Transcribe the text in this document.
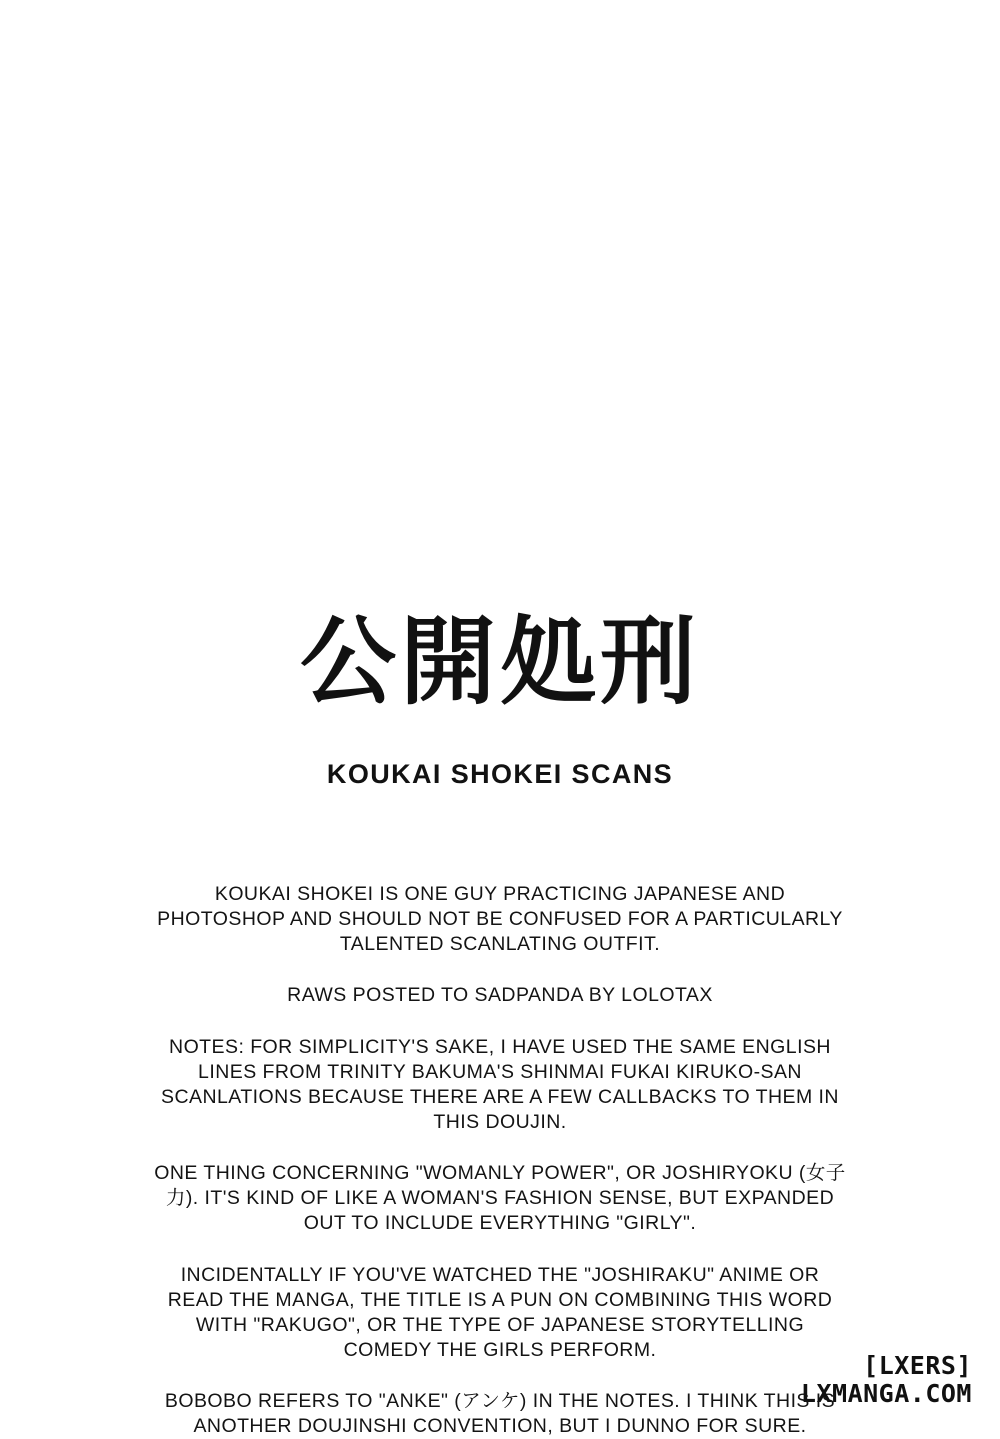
公開処刑
KOUKAI SHOKEI SCANS

KOUKAI SHOKEI IS ONE GUY PRACTICING JAPANESE AND PHOTOSHOP AND SHOULD NOT BE CONFUSED FOR A PARTICULARLY TALENTED SCANLATING OUTFIT.

RAWS POSTED TO SADPANDA BY LOLOTAX

NOTES: FOR SIMPLICITY'S SAKE, I HAVE USED THE SAME ENGLISH LINES FROM TRINITY BAKUMA'S SHINMAI FUKAI KIRUKO-SAN SCANLATIONS BECAUSE THERE ARE A FEW CALLBACKS TO THEM IN THIS DOUJIN.

ONE THING CONCERNING "WOMANLY POWER", OR JOSHIRYOKU (女子力). IT'S KIND OF LIKE A WOMAN'S FASHION SENSE, BUT EXPANDED OUT TO INCLUDE EVERYTHING "GIRLY".

INCIDENTALLY IF YOU'VE WATCHED THE "JOSHIRAKU" ANIME OR READ THE MANGA, THE TITLE IS A PUN ON COMBINING THIS WORD WITH "RAKUGO", OR THE TYPE OF JAPANESE STORYTELLING COMEDY THE GIRLS PERFORM.

BOBOBO REFERS TO "ANKE" (アンケ) IN THE NOTES. I THINK THIS IS ANOTHER DOUJINSHI CONVENTION, BUT I DUNNO FOR SURE.

[LXERS]
LXMANGA.COM
